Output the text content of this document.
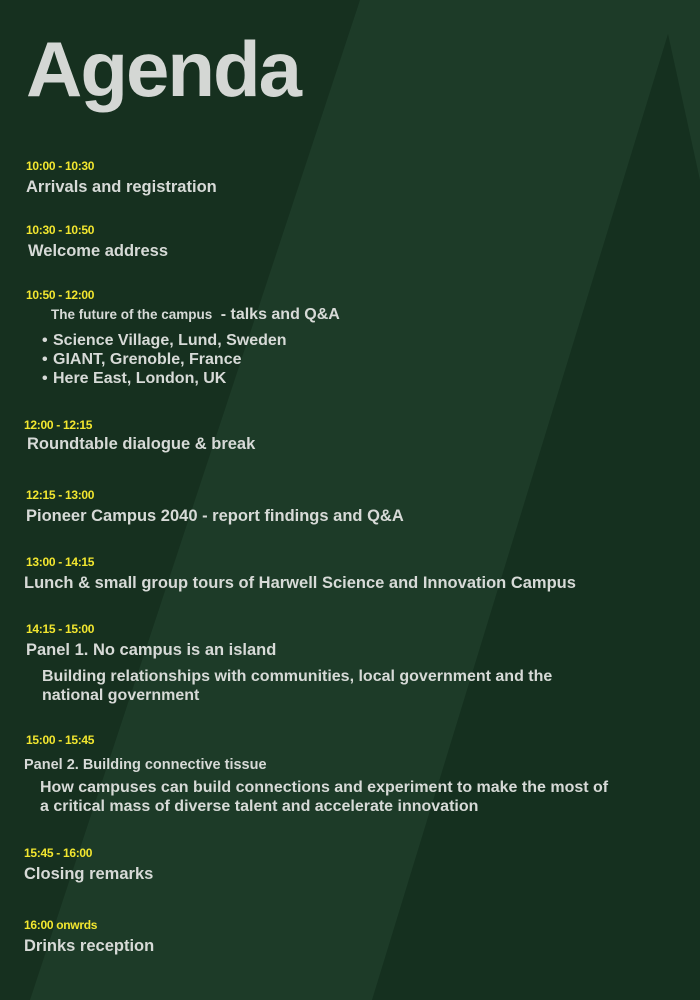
Agenda
10:00 - 10:30
Arrivals and registration
10:30 - 10:50
Welcome address
10:50 - 12:00
The future of the campus - talks and Q&A
• Science Village, Lund, Sweden
• GIANT, Grenoble, France
• Here East, London, UK
12:00 - 12:15
Roundtable dialogue & break
12:15 - 13:00
Pioneer Campus 2040 - report findings and Q&A
13:00 - 14:15
Lunch & small group tours of Harwell Science and Innovation Campus
14:15 - 15:00
Panel 1. No campus is an island
Building relationships with communities, local government and the
national government
15:00 - 15:45
Panel 2. Building connective tissue
How campuses can build connections and experiment to make the most of
a critical mass of diverse talent and accelerate innovation
15:45 - 16:00
Closing remarks
16:00 onwrds
Drinks reception
